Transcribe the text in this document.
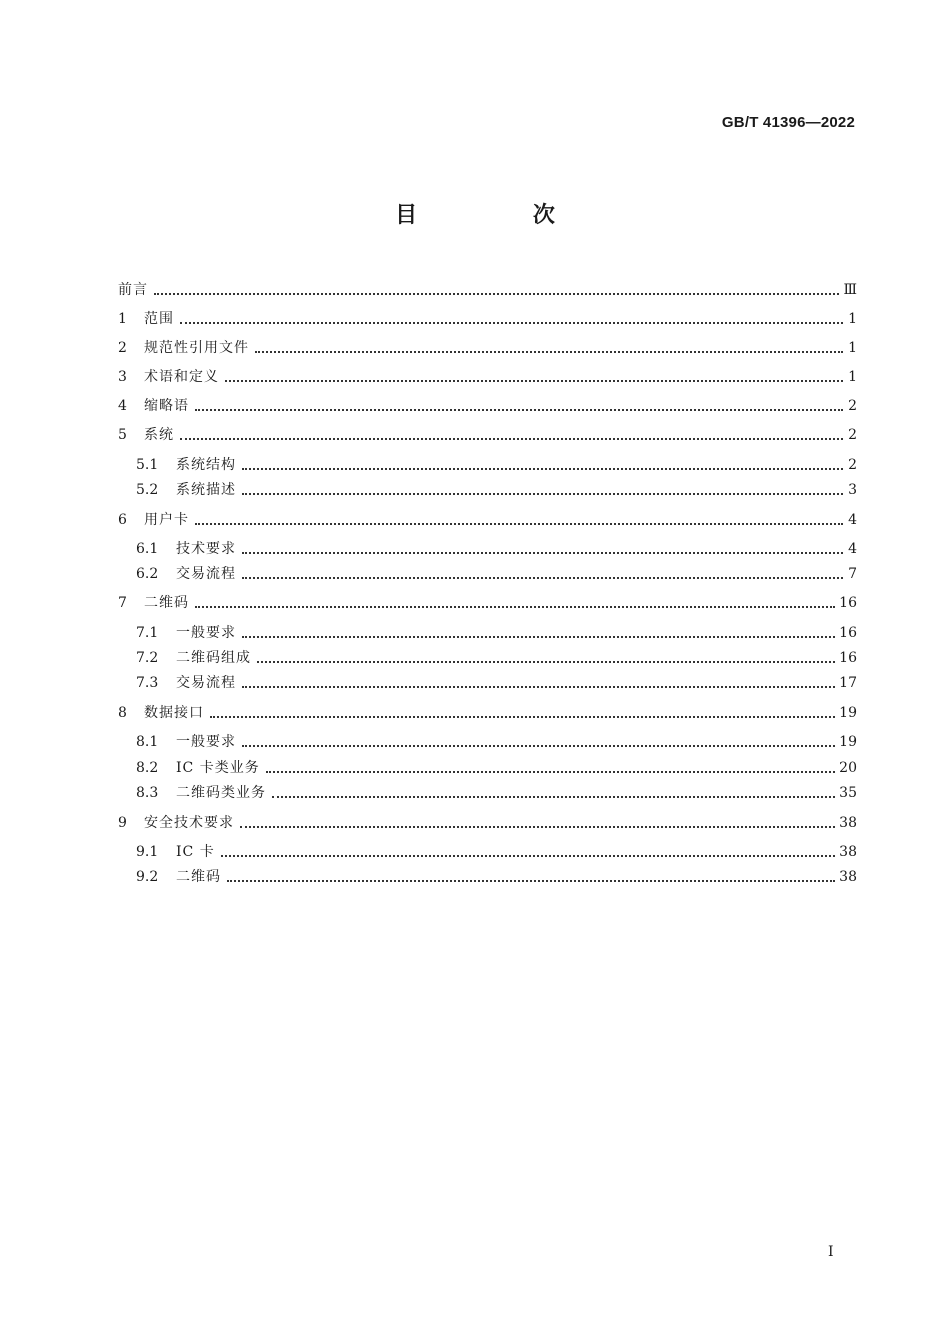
GB/T 41396—2022
目 次
前言	Ⅲ
1	范围	1
2	规范性引用文件	1
3	术语和定义	1
4	缩略语	2
5	系统	2
5.1	系统结构	2
5.2	系统描述	3
6	用户卡	4
6.1	技术要求	4
6.2	交易流程	7
7	二维码	16
7.1	一般要求	16
7.2	二维码组成	16
7.3	交易流程	17
8	数据接口	19
8.1	一般要求	19
8.2	IC 卡类业务	20
8.3	二维码类业务	35
9	安全技术要求	38
9.1	IC 卡	38
9.2	二维码	38
I
